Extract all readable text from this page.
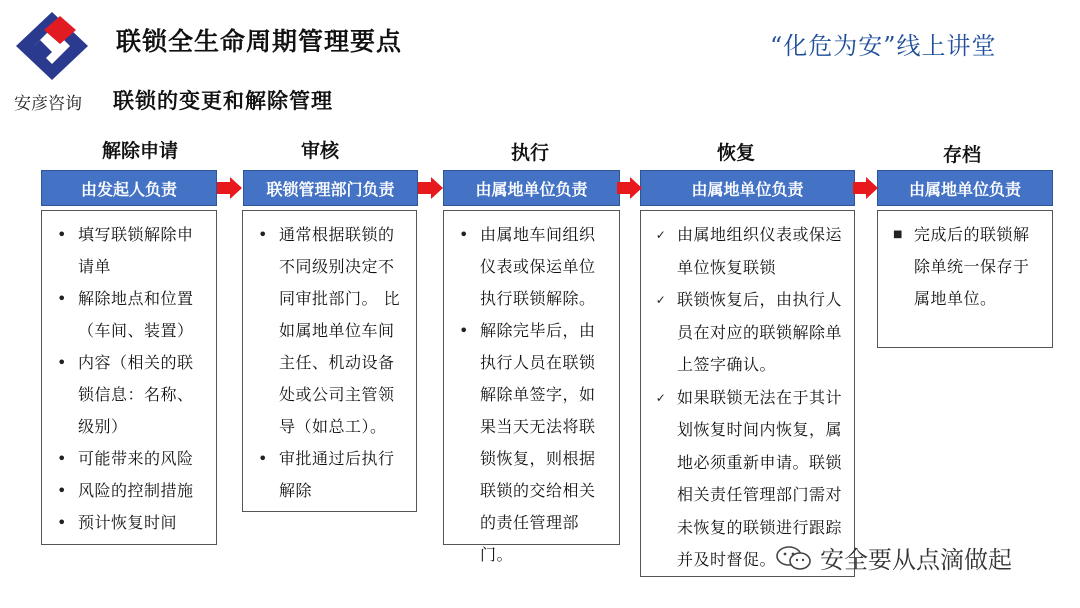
安彦咨询
联锁全生命周期管理要点
联锁的变更和解除管理
“化危为安”线上讲堂
解除申请	审核	执行	恢复	存档
由发起人负责	联锁管理部门负责	由属地单位负责	由属地单位负责	由属地单位负责
• 填写联锁解除申请单
• 解除地点和位置（车间、装置）
• 内容（相关的联锁信息：名称、级别）
• 可能带来的风险
• 风险的控制措施
• 预计恢复时间
• 通常根据联锁的不同级别决定不同审批部门。 比如属地单位车间主任、机动设备处或公司主管领导（如总工）。
• 审批通过后执行解除
• 由属地车间组织仪表或保运单位执行联锁解除。
• 解除完毕后，由执行人员在联锁解除单签字，如果当天无法将联锁恢复，则根据联锁的交给相关的责任管理部门。
✓ 由属地组织仪表或保运单位恢复联锁
✓ 联锁恢复后，由执行人员在对应的联锁解除单上签字确认。
✓ 如果联锁无法在于其计划恢复时间内恢复，属地必须重新申请。联锁相关责任管理部门需对未恢复的联锁进行跟踪并及时督促。
■ 完成后的联锁解除单统一保存于属地单位。
安全要从点滴做起
